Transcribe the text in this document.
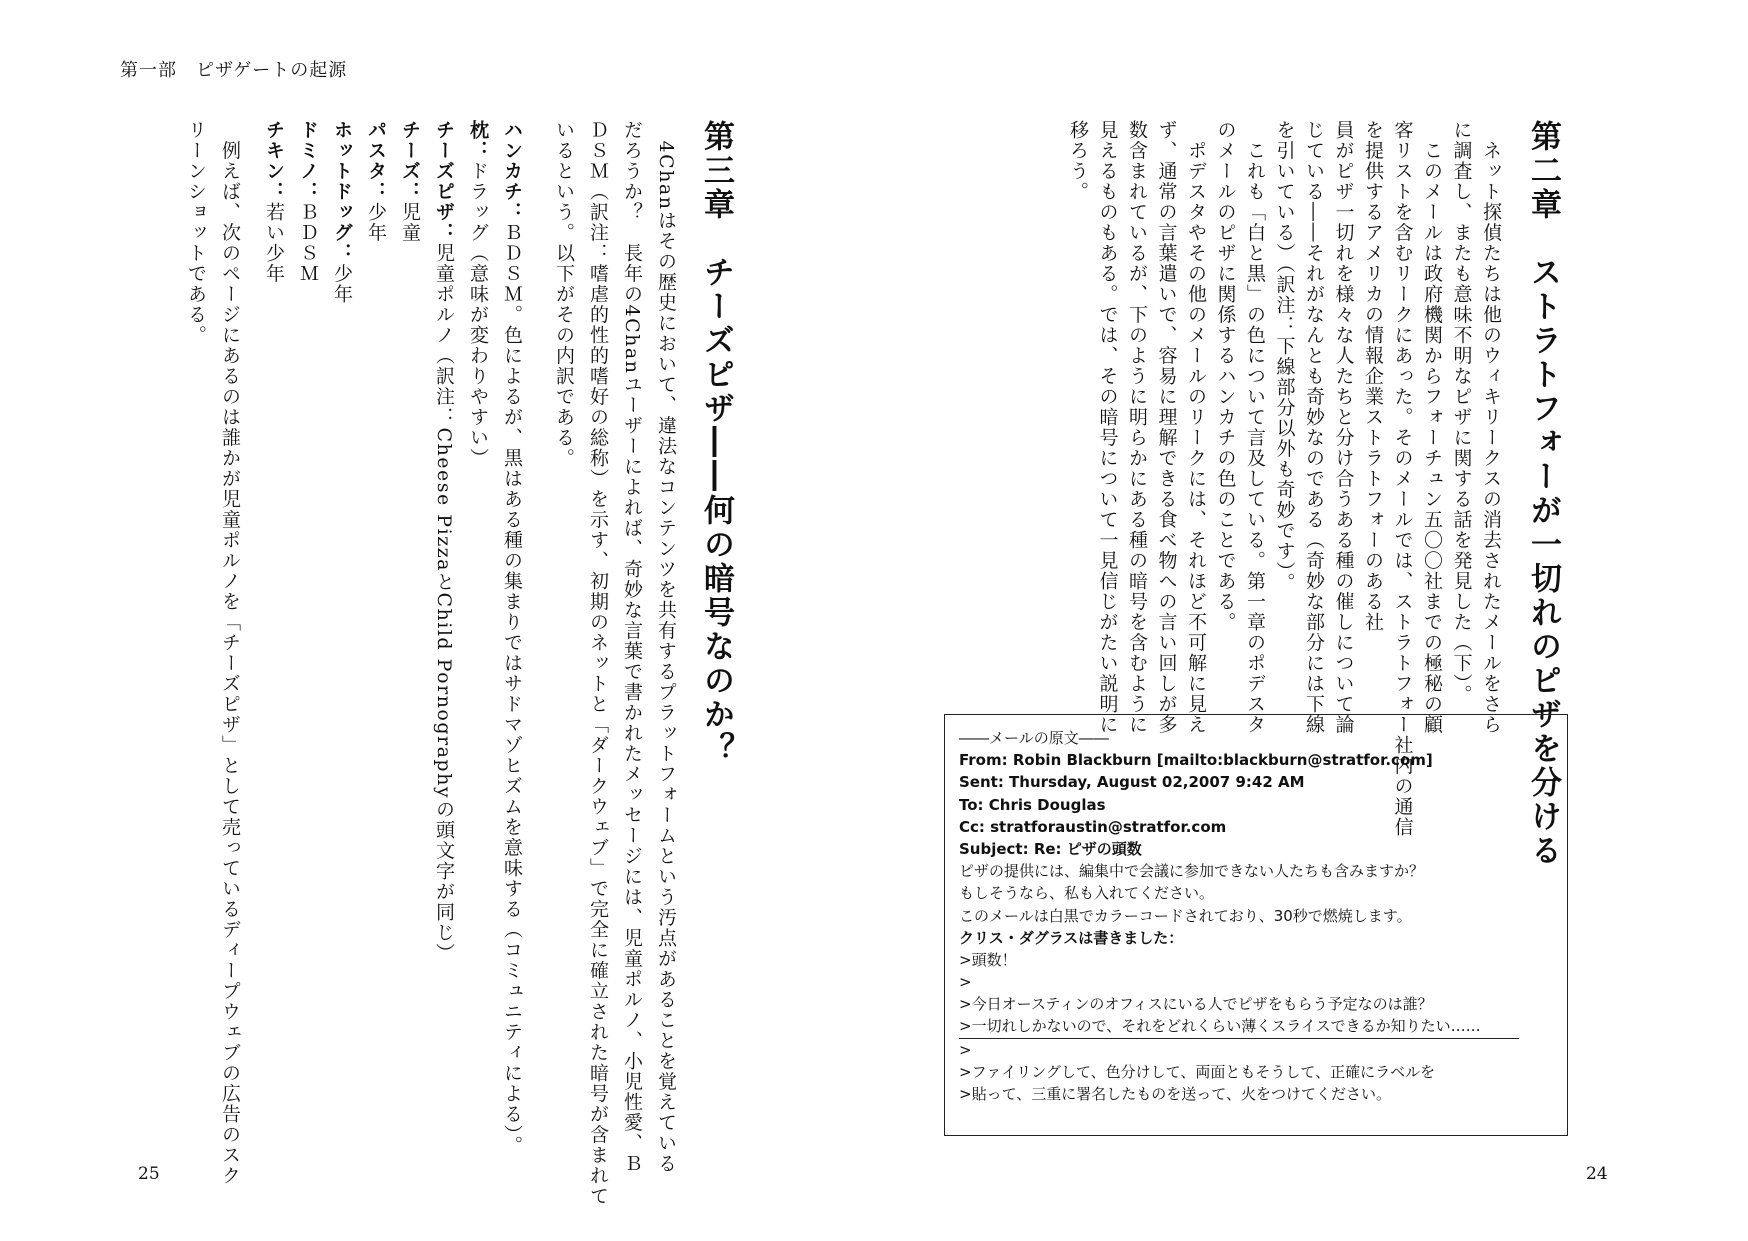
第一部　ピザゲートの起源
第二章　ストラトフォーが一切れのピザを分ける
　ネット探偵たちは他のウィキリークスの消去されたメールをさら
に調査し、またも意味不明なピザに関する話を発見した（下）。
　このメールは政府機関からフォーチュン五〇〇社までの極秘の顧
客リストを含むリークにあった。そのメールでは、ストラトフォー社内の通信
を提供するアメリカの情報企業ストラトフォーのある社
員がピザ一切れを様々な人たちと分け合うある種の催しについて論
じている――それがなんとも奇妙なのである（奇妙な部分には下線
を引いている）（訳注：下線部分以外も奇妙です）。
　これも「白と黒」の色について言及している。第一章のポデスタ
のメールのピザに関係するハンカチの色のことである。
　ポデスタやその他のメールのリークには、それほど不可解に見え
ず、通常の言葉遣いで、容易に理解できる食べ物への言い回しが多
数含まれているが、下のように明らかにある種の暗号を含むように
見えるものもある。では、その暗号について一見信じがたい説明に
移ろう。
――メールの原文――
From: Robin Blackburn [mailto:blackburn@stratfor.com]
Sent: Thursday, August 02,2007 9:42 AM
To: Chris Douglas
Cc: stratforaustin@stratfor.com
Subject: Re: ピザの頭数
ピザの提供には、編集中で会議に参加できない人たちも含みますか？
もしそうなら、私も入れてください。
このメールは白黒でカラーコードされており、30秒で燃焼します。
クリス・ダグラスは書きました：
>頭数！
>
>今日オースティンのオフィスにいる人でピザをもらう予定なのは誰？
>一切れしかないので、それをどれくらい薄くスライスできるか知りたい……
>
>ファイリングして、色分けして、両面ともそうして、正確にラベルを
>貼って、三重に署名したものを送って、火をつけてください。
第三章　チーズピザ――何の暗号なのか？
　4Chanはその歴史において、違法なコンテンツを共有するプラットフォームという汚点があることを覚えている
だろうか？　長年の4Chanユーザーによれば、奇妙な言葉で書かれたメッセージには、児童ポルノ、小児性愛、Ｂ
ＤＳＭ（訳注：嗜虐的性的嗜好の総称）を示す、初期のネットと「ダークウェブ」で完全に確立された暗号が含まれて
いるという。以下がその内訳である。
ハンカチ：ＢＤＳＭ。色によるが、黒はある種の集まりではサドマゾヒズムを意味する（コミュニティによる）。
枕：ドラッグ（意味が変わりやすい）
チーズピザ：児童ポルノ（訳注：Cheese PizzaとChild Pornographyの頭文字が同じ）
チーズ：児童
パスタ：少年
ホットドッグ：少年
ドミノ：ＢＤＳＭ
チキン：若い少年
　例えば、次のページにあるのは誰かが児童ポルノを「チーズピザ」として売っているディープウェブの広告のスク
リーンショットである。
25	24
